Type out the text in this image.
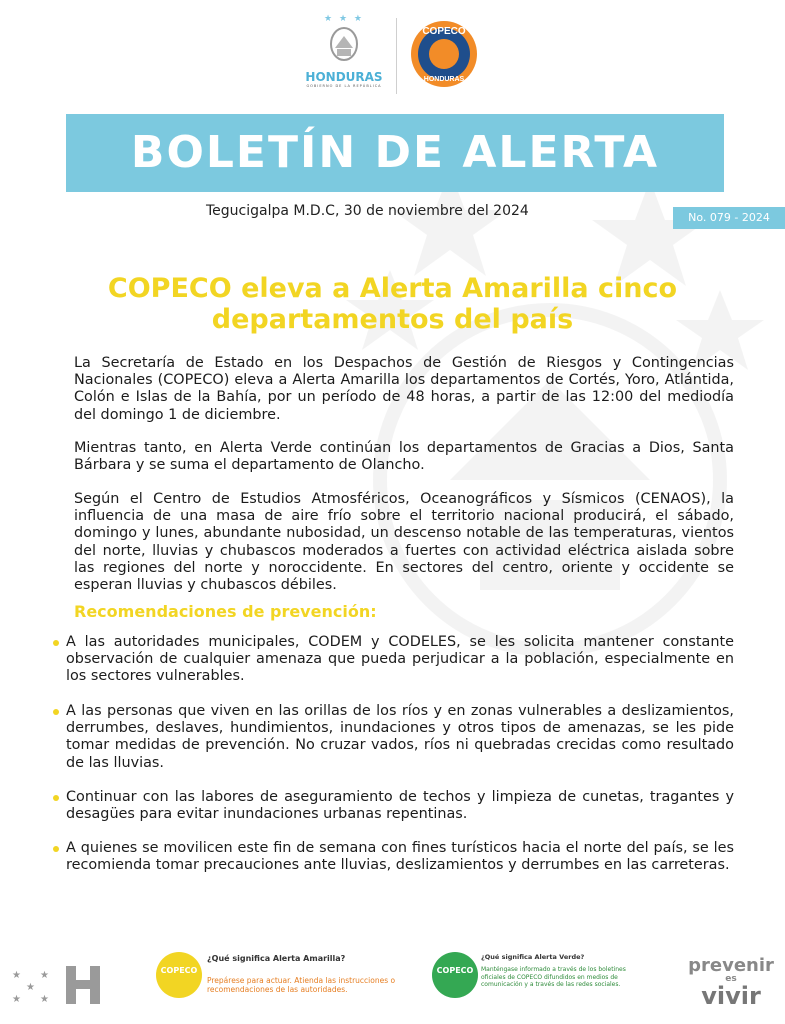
★ ★ ★
HONDURAS
GOBIERNO DE LA REPÚBLICA
COPECO
HONDURAS
BOLETÍN DE ALERTA
Tegucigalpa M.D.C, 30 de noviembre del 2024	No. 079 - 2024
COPECO eleva a Alerta Amarilla cinco departamentos del país
La Secretaría de Estado en los Despachos de Gestión de Riesgos y Contingencias Nacionales (COPECO) eleva a Alerta Amarilla los departamentos de Cortés, Yoro, Atlántida, Colón e Islas de la Bahía, por un período de 48 horas, a partir de las 12:00 del mediodía del domingo 1 de diciembre.
Mientras tanto, en Alerta Verde continúan los departamentos de Gracias a Dios, Santa Bárbara y se suma el departamento de Olancho.
Según el Centro de Estudios Atmosféricos, Oceanográficos y Sísmicos (CENAOS), la influencia de una masa de aire frío sobre el territorio nacional producirá, el sábado, domingo y lunes, abundante nubosidad, un descenso notable de las temperaturas, vientos del norte, lluvias y chubascos moderados a fuertes con actividad eléctrica aislada sobre las regiones del norte y noroccidente. En sectores del centro, oriente y occidente se esperan lluvias y chubascos débiles.
Recomendaciones de prevención:
A las autoridades municipales, CODEM y CODELES, se les solicita mantener constante observación de cualquier amenaza que pueda perjudicar a la población, especialmente en los sectores vulnerables.
A las personas que viven en las orillas de los ríos y en zonas vulnerables a deslizamientos, derrumbes, deslaves, hundimientos, inundaciones y otros tipos de amenazas, se les pide tomar medidas de prevención. No cruzar vados, ríos ni quebradas crecidas como resultado de las lluvias.
Continuar con las labores de aseguramiento de techos y limpieza de cunetas, tragantes y desagües para evitar inundaciones urbanas repentinas.
A quienes se movilicen este fin de semana con fines turísticos hacia el norte del país, se les recomienda tomar precauciones ante lluvias, deslizamientos y derrumbes en las carreteras.
★ ★
★
★ ★
COPECO
¿Qué significa Alerta Amarilla?
Prepárese para actuar. Atienda las instrucciones o recomendaciones de las autoridades.
COPECO
¿Qué significa Alerta Verde?
Manténgase informado a través de los boletines oficiales de COPECO difundidos en medios de comunicación y a través de las redes sociales.
prevenir
es
vivir
